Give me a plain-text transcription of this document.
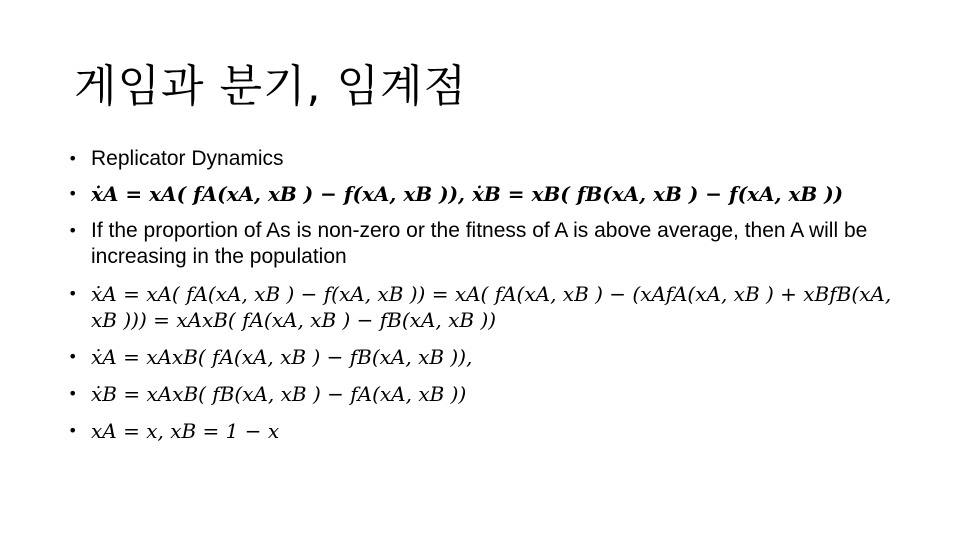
게임과 분기, 임계점
• Replicator Dynamics
• ẋA = xA( fA(xA, xB ) − f(xA, xB )), ẋB = xB( fB(xA, xB ) − f(xA, xB ))
• If the proportion of As is non-zero or the fitness of A is above average, then A will be increasing in the population
• ẋA = xA( fA(xA, xB ) − f(xA, xB )) = xA( fA(xA, xB ) − (xAfA(xA, xB ) + xBfB(xA, xB ))) = xAxB( fA(xA, xB ) − fB(xA, xB ))
• ẋA = xAxB( fA(xA, xB ) − fB(xA, xB )),
• ẋB = xAxB( fB(xA, xB ) − fA(xA, xB ))
• xA = x, xB = 1 − x
